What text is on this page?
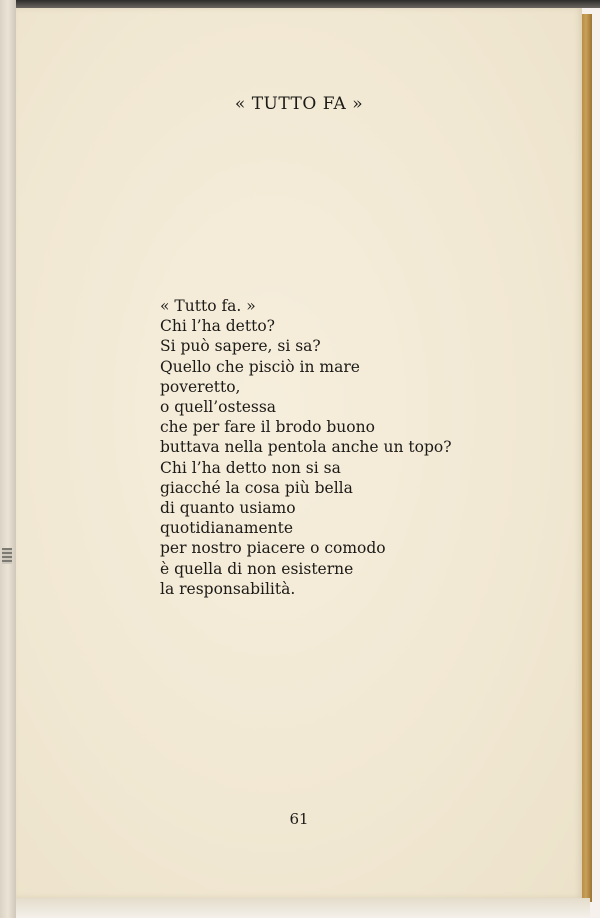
« TUTTO FA »
« Tutto fa. »
Chi l’ha detto?
Si può sapere, si sa?
Quello che pisciò in mare
poveretto,
o quell’ostessa
che per fare il brodo buono
buttava nella pentola anche un topo?
Chi l’ha detto non si sa
giacché la cosa più bella
di quanto usiamo
quotidianamente
per nostro piacere o comodo
è quella di non esisterne
la responsabilità.
61
